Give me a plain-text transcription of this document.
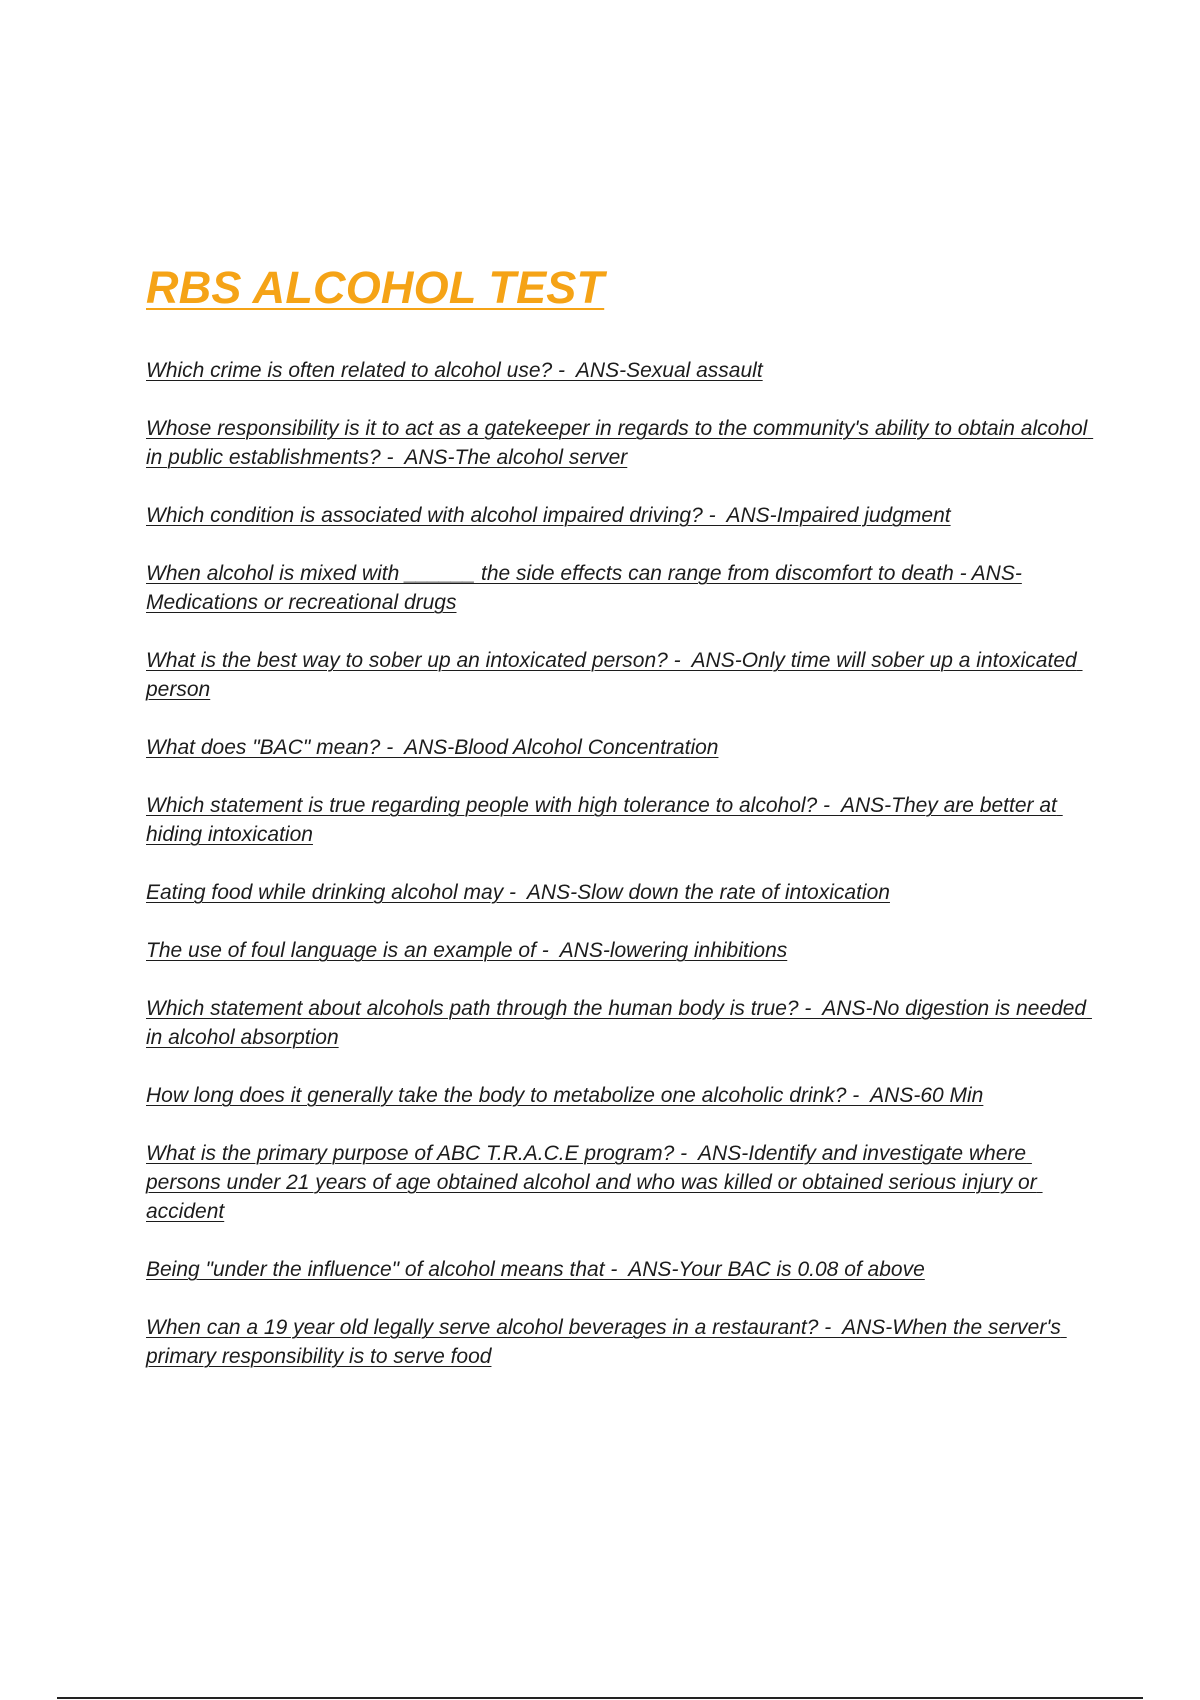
RBS ALCOHOL TEST
Which crime is often related to alcohol use? -  ANS-Sexual assault
Whose responsibility is it to act as a gatekeeper in regards to the community's ability to obtain alcohol in public establishments? -  ANS-The alcohol server
Which condition is associated with alcohol impaired driving? -  ANS-Impaired judgment
When alcohol is mixed with ______ the side effects can range from discomfort to death - ANS-Medications or recreational drugs
What is the best way to sober up an intoxicated person? -  ANS-Only time will sober up a intoxicated person
What does "BAC" mean? -  ANS-Blood Alcohol Concentration
Which statement is true regarding people with high tolerance to alcohol? -  ANS-They are better at hiding intoxication
Eating food while drinking alcohol may -  ANS-Slow down the rate of intoxication
The use of foul language is an example of -  ANS-lowering inhibitions
Which statement about alcohols path through the human body is true? -  ANS-No digestion is needed in alcohol absorption
How long does it generally take the body to metabolize one alcoholic drink? -  ANS-60 Min
What is the primary purpose of ABC T.R.A.C.E program? -  ANS-Identify and investigate where persons under 21 years of age obtained alcohol and who was killed or obtained serious injury or accident
Being "under the influence" of alcohol means that -  ANS-Your BAC is 0.08 of above
When can a 19 year old legally serve alcohol beverages in a restaurant? -  ANS-When the server's primary responsibility is to serve food
